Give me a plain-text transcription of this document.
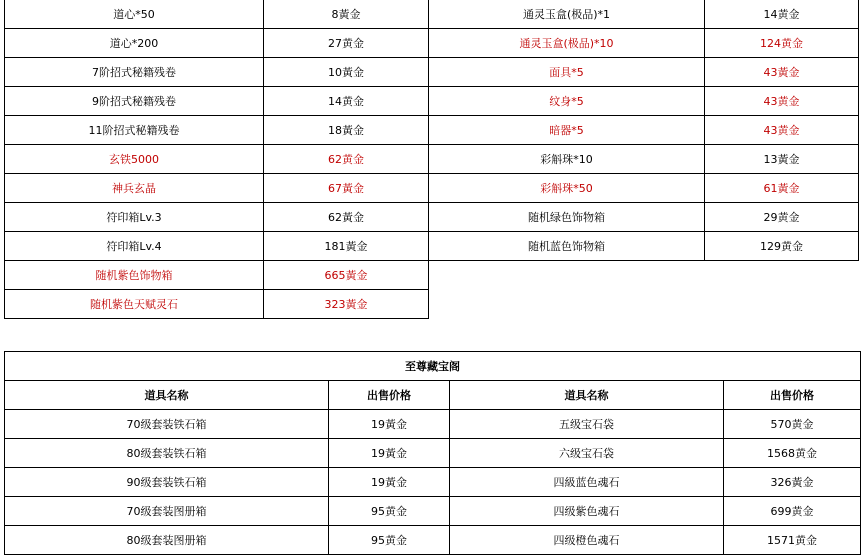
道心*50	8黃金	通灵玉盒(极品)*1	14黄金
道心*200	27黄金	通灵玉盒(极品)*10	124黄金
7阶招式秘籍残卷	10黃金	面具*5	43黃金
9阶招式秘籍残卷	14黄金	纹身*5	43黄金
11阶招式秘籍残卷	18黃金	暗器*5	43黄金
玄铁5000	62黄金	彩斛珠*10	13黃金
神兵玄晶	67黃金	彩斛珠*50	61黃金
符印箱Lv.3	62黃金	随机绿色饰物箱	29黄金
符印箱Lv.4	181黃金	随机蓝色饰物箱	129黄金
随机紫色饰物箱	665黃金		
随机紫色天赋灵石	323黃金		
至尊藏宝阁			
道具名称	出售价格	道具名称	出售价格
70级套装铁石箱	19黃金	五级宝石袋	570黄金
80级套装铁石箱	19黃金	六级宝石袋	1568黄金
90级套装铁石箱	19黃金	四級蓝色魂石	326黃金
70级套装图册箱	95黄金	四级紫色魂石	699黄金
80级套装图册箱	95黄金	四级橙色魂石	1571黄金
